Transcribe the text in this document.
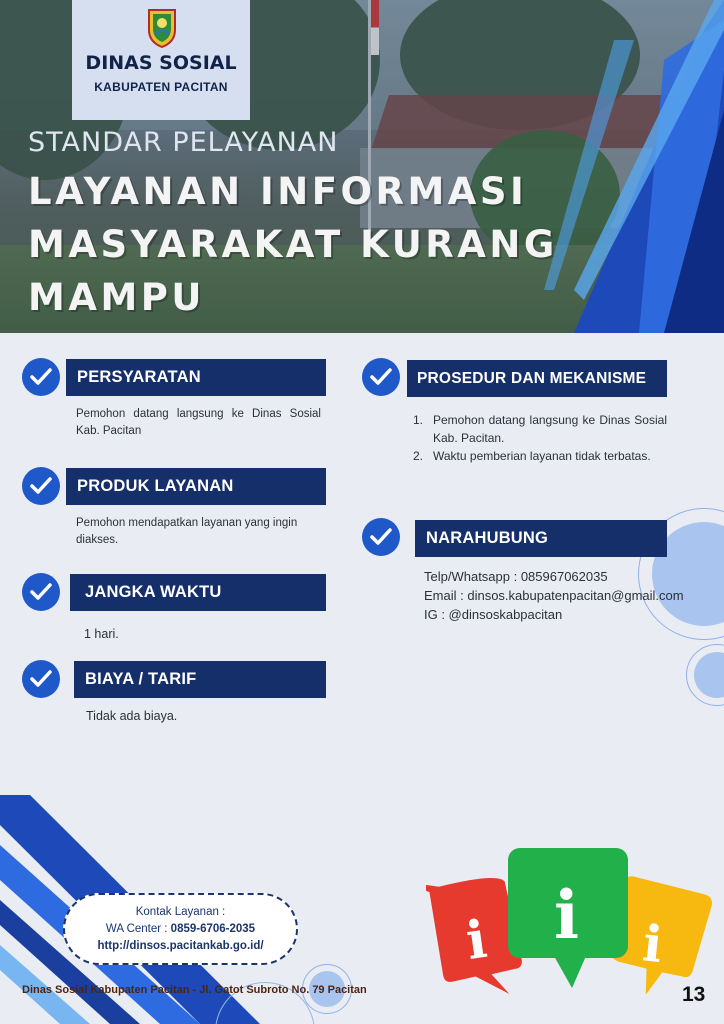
DINAS SOSIAL
KABUPATEN PACITAN
STANDAR PELAYANAN
LAYANAN INFORMASI
MASYARAKAT KURANG
MAMPU
PERSYARATAN
Pemohon datang langsung ke Dinas Sosial Kab. Pacitan
PRODUK LAYANAN
Pemohon mendapatkan layanan yang ingin diakses.
JANGKA WAKTU
1 hari.
BIAYA / TARIF
Tidak ada biaya.
PROSEDUR DAN MEKANISME
1. Pemohon datang langsung ke Dinas Sosial Kab. Pacitan.
2. Waktu pemberian layanan tidak terbatas.
NARAHUBUNG
Telp/Whatsapp : 085967062035
Email : dinsos.kabupatenpacitan@gmail.com
IG : @dinsoskabpacitan
Kontak Layanan :
WA Center : 0859-6706-2035
http://dinsos.pacitankab.go.id/	i	i
i
Dinas Sosial Kabupaten Pacitan - Jl. Gatot Subroto No. 79 Pacitan	13
